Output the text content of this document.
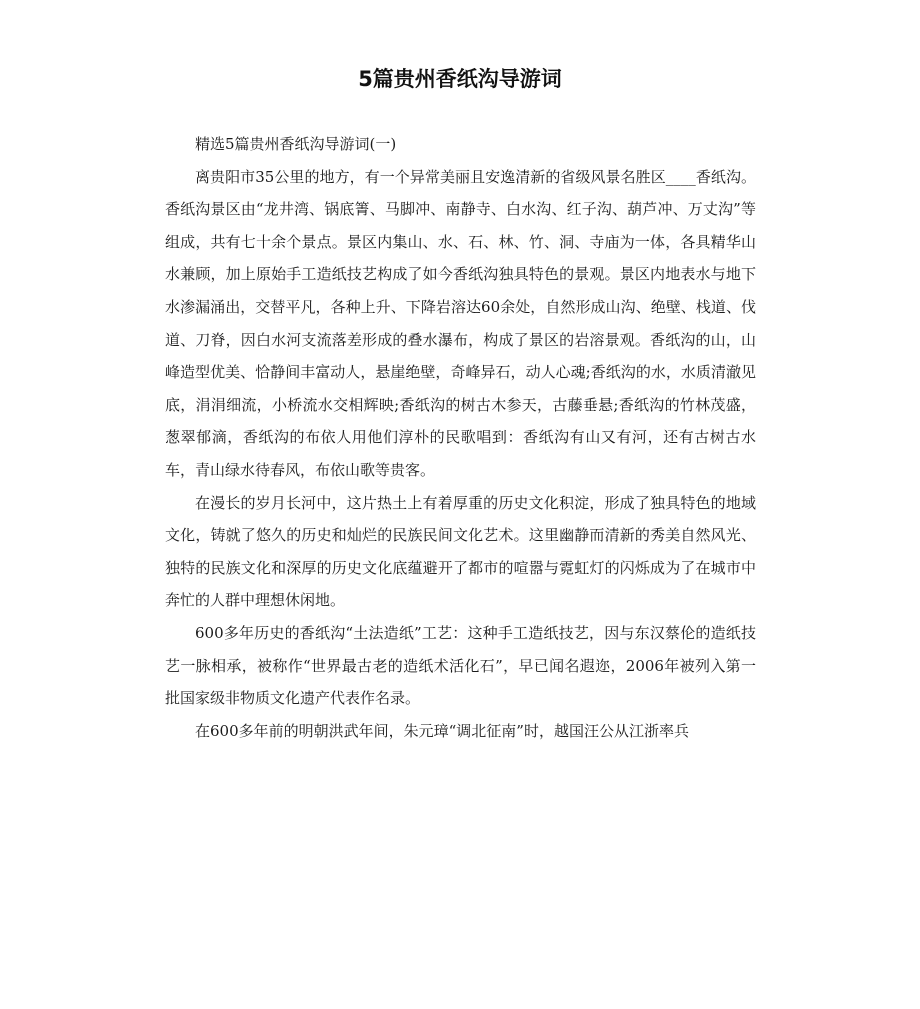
5篇贵州香纸沟导游词

精选5篇贵州香纸沟导游词(一)

离贵阳市35公里的地方，有一个异常美丽且安逸清新的省级风景名胜区____香纸沟。香纸沟景区由“龙井湾、锅底箐、马脚冲、南静寺、白水沟、红子沟、葫芦冲、万丈沟”等组成，共有七十余个景点。景区内集山、水、石、林、竹、洞、寺庙为一体，各具精华山水兼顾，加上原始手工造纸技艺构成了如今香纸沟独具特色的景观。景区内地表水与地下水渗漏涌出，交替平凡，各种上升、下降岩溶达60余处，自然形成山沟、绝壁、栈道、伐道、刀脊，因白水河支流落差形成的叠水瀑布，构成了景区的岩溶景观。香纸沟的山，山峰造型优美、恰静间丰富动人，悬崖绝壁，奇峰异石，动人心魂;香纸沟的水，水质清澈见底，涓涓细流，小桥流水交相辉映;香纸沟的树古木参天，古藤垂悬;香纸沟的竹林茂盛，葱翠郁滴，香纸沟的布依人用他们淳朴的民歌唱到：香纸沟有山又有河，还有古树古水车，青山绿水待春风，布依山歌等贵客。

在漫长的岁月长河中，这片热土上有着厚重的历史文化积淀，形成了独具特色的地域文化，铸就了悠久的历史和灿烂的民族民间文化艺术。这里幽静而清新的秀美自然风光、独特的民族文化和深厚的历史文化底蕴避开了都市的喧嚣与霓虹灯的闪烁成为了在城市中奔忙的人群中理想休闲地。

600多年历史的香纸沟“土法造纸”工艺：这种手工造纸技艺，因与东汉蔡伦的造纸技艺一脉相承，被称作“世界最古老的造纸术活化石”，早已闻名遐迩，2006年被列入第一批国家级非物质文化遗产代表作名录。

在600多年前的明朝洪武年间，朱元璋“调北征南”时，越国汪公从江浙率兵
